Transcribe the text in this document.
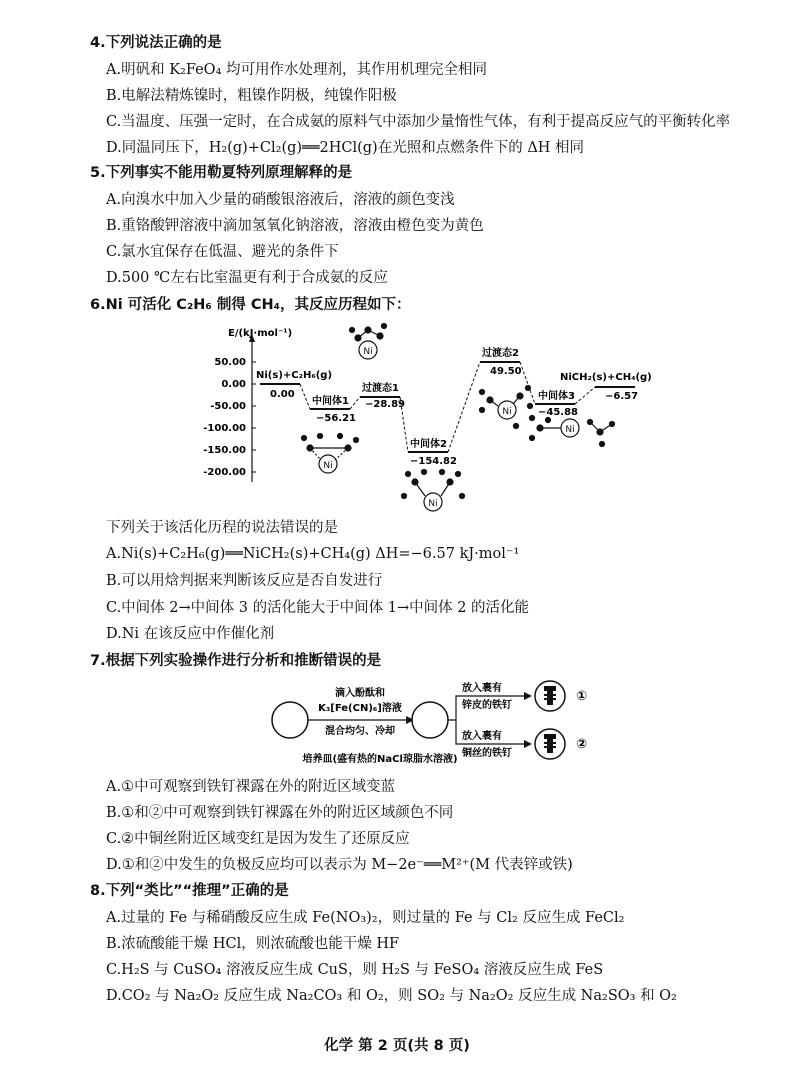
4.下列说法正确的是
A.明矾和 K₂FeO₄ 均可用作水处理剂，其作用机理完全相同
B.电解法精炼镍时，粗镍作阴极，纯镍作阳极
C.当温度、压强一定时，在合成氨的原料气中添加少量惰性气体，有利于提高反应气的平衡转化率
D.同温同压下，H₂(g)+Cl₂(g)══2HCl(g)在光照和点燃条件下的 ΔH 相同
5.下列事实不能用勒夏特列原理解释的是
A.向溴水中加入少量的硝酸银溶液后，溶液的颜色变浅
B.重铬酸钾溶液中滴加氢氧化钠溶液，溶液由橙色变为黄色
C.氯水宜保存在低温、避光的条件下
D.500 ℃左右比室温更有利于合成氨的反应
6.Ni 可活化 C₂H₆ 制得 CH₄，其反应历程如下：
E/(kJ·mol⁻¹)
50.00
0.00
-50.00
-100.00
-150.00
-200.00
Ni(s)+C₂H₆(g)
0.00
中间体1
−56.21
过渡态1
−28.89
中间体2
−154.82
过渡态2
49.50
中间体3
−45.88
NiCH₂(s)+CH₄(g)
−6.57
Ni
Ni
Ni
Ni
Ni
下列关于该活化历程的说法错误的是
A.Ni(s)+C₂H₆(g)══NiCH₂(s)+CH₄(g) ΔH=−6.57 kJ·mol⁻¹
B.可以用焓判据来判断该反应是否自发进行
C.中间体 2→中间体 3 的活化能大于中间体 1→中间体 2 的活化能
D.Ni 在该反应中作催化剂
7.根据下列实验操作进行分析和推断错误的是
滴入酚酞和
K₃[Fe(CN)₆]溶液
混合均匀、冷却
培养皿(盛有热的NaCl琼脂水溶液)
放入裹有
锌皮的铁钉
放入裹有
铜丝的铁钉
①
②
A.①中可观察到铁钉裸露在外的附近区域变蓝
B.①和②中可观察到铁钉裸露在外的附近区域颜色不同
C.②中铜丝附近区域变红是因为发生了还原反应
D.①和②中发生的负极反应均可以表示为 M−2e⁻══M²⁺(M 代表锌或铁)
8.下列“类比”“推理”正确的是
A.过量的 Fe 与稀硝酸反应生成 Fe(NO₃)₂，则过量的 Fe 与 Cl₂ 反应生成 FeCl₂
B.浓硫酸能干燥 HCl，则浓硫酸也能干燥 HF
C.H₂S 与 CuSO₄ 溶液反应生成 CuS，则 H₂S 与 FeSO₄ 溶液反应生成 FeS
D.CO₂ 与 Na₂O₂ 反应生成 Na₂CO₃ 和 O₂，则 SO₂ 与 Na₂O₂ 反应生成 Na₂SO₃ 和 O₂
化学 第 2 页(共 8 页)
